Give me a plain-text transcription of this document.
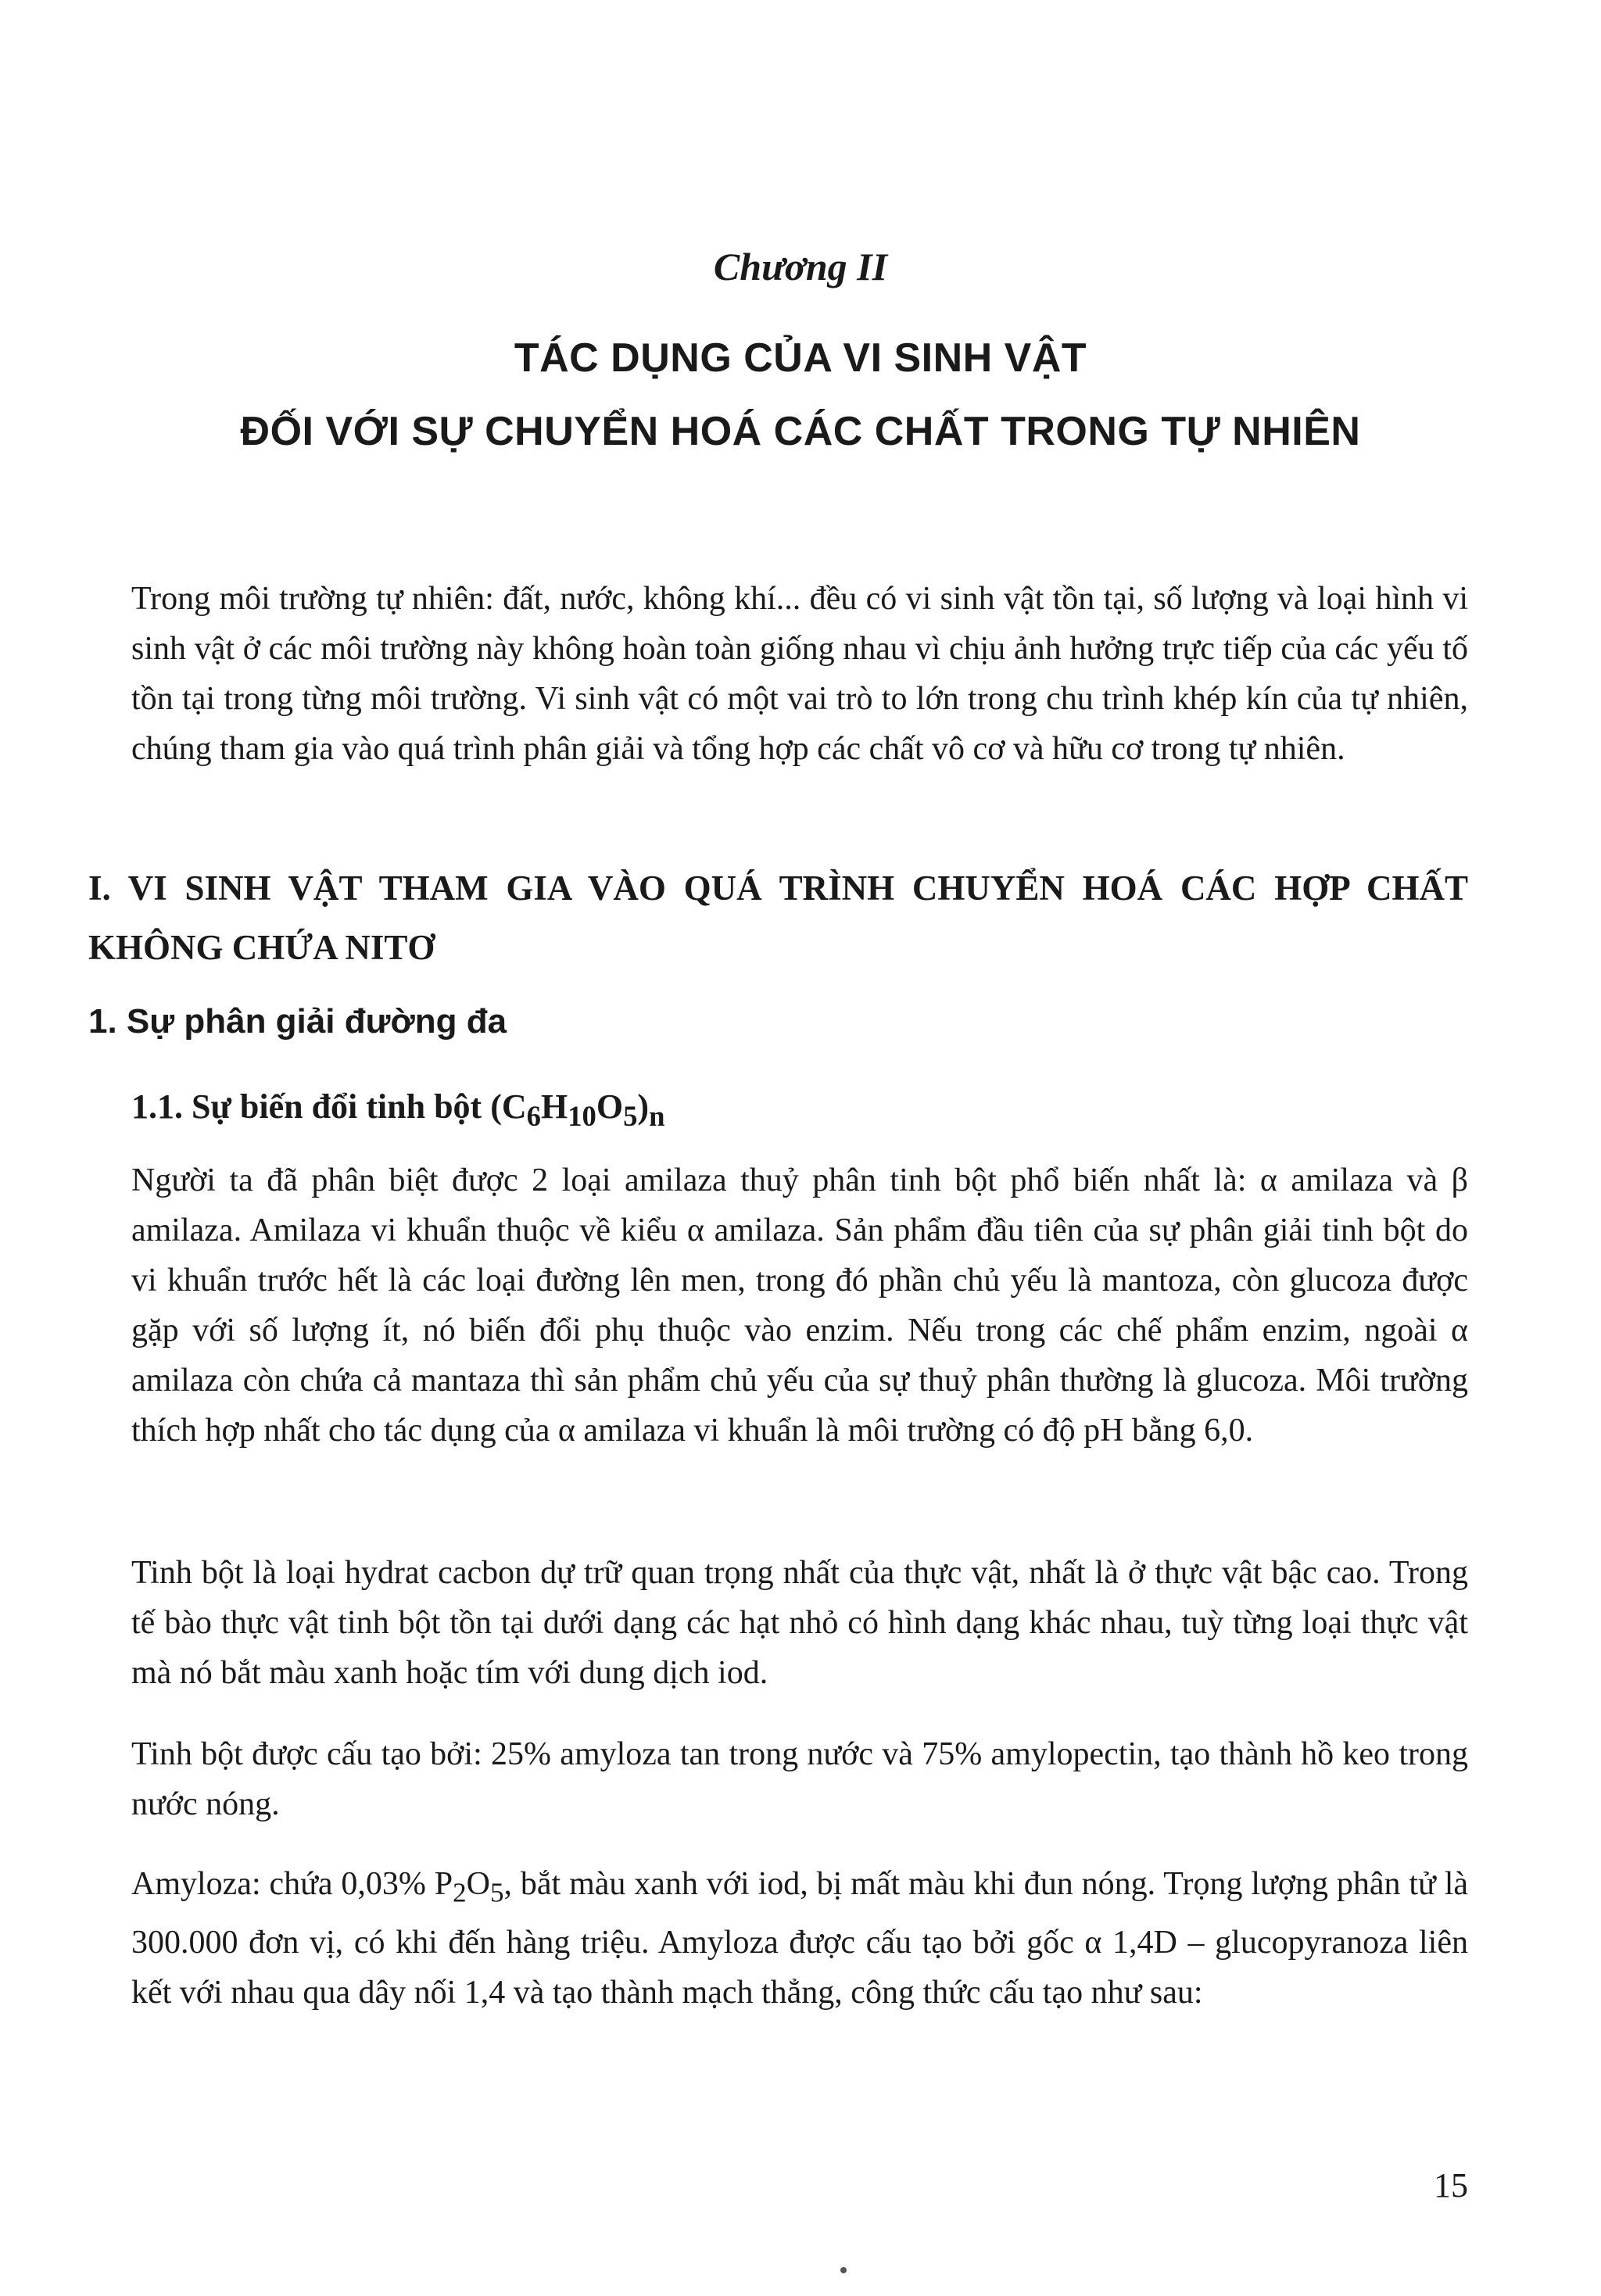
Chương II

TÁC DỤNG CỦA VI SINH VẬT

ĐỐI VỚI SỰ CHUYỂN HOÁ CÁC CHẤT TRONG TỰ NHIÊN

Trong môi trường tự nhiên: đất, nước, không khí... đều có vi sinh vật tồn tại, số lượng và loại hình vi sinh vật ở các môi trường này không hoàn toàn giống nhau vì chịu ảnh hưởng trực tiếp của các yếu tố tồn tại trong từng môi trường. Vi sinh vật có một vai trò to lớn trong chu trình khép kín của tự nhiên, chúng tham gia vào quá trình phân giải và tổng hợp các chất vô cơ và hữu cơ trong tự nhiên.

I. VI SINH VẬT THAM GIA VÀO QUÁ TRÌNH CHUYỂN HOÁ CÁC HỢP CHẤT KHÔNG CHỨA NITƠ

1. Sự phân giải đường đa

1.1. Sự biến đổi tinh bột $(C_6H_{10}O_5)_n$

Người ta đã phân biệt được 2 loại amilaza thuỷ phân tinh bột phổ biến nhất là: α amilaza và β amilaza. Amilaza vi khuẩn thuộc về kiểu α amilaza. Sản phẩm đầu tiên của sự phân giải tinh bột do vi khuẩn trước hết là các loại đường lên men, trong đó phần chủ yếu là mantoza, còn glucoza được gặp với số lượng ít, nó biến đổi phụ thuộc vào enzim. Nếu trong các chế phẩm enzim, ngoài α amilaza còn chứa cả mantaza thì sản phẩm chủ yếu của sự thuỷ phân thường là glucoza. Môi trường thích hợp nhất cho tác dụng của α amilaza vi khuẩn là môi trường có độ pH bằng 6,0.

Tinh bột là loại hydrat cacbon dự trữ quan trọng nhất của thực vật, nhất là ở thực vật bậc cao. Trong tế bào thực vật tinh bột tồn tại dưới dạng các hạt nhỏ có hình dạng khác nhau, tuỳ từng loại thực vật mà nó bắt màu xanh hoặc tím với dung dịch iod.

Tinh bột được cấu tạo bởi: 25% amyloza tan trong nước và 75% amylopectin, tạo thành hồ keo trong nước nóng.

Amyloza: chứa 0,03% $P_2O_5$, bắt màu xanh với iod, bị mất màu khi đun nóng. Trọng lượng phân tử là 300.000 đơn vị, có khi đến hàng triệu. Amyloza được cấu tạo bởi gốc α 1,4D – glucopyranoza liên kết với nhau qua dây nối 1,4 và tạo thành mạch thẳng, công thức cấu tạo như sau:

15
